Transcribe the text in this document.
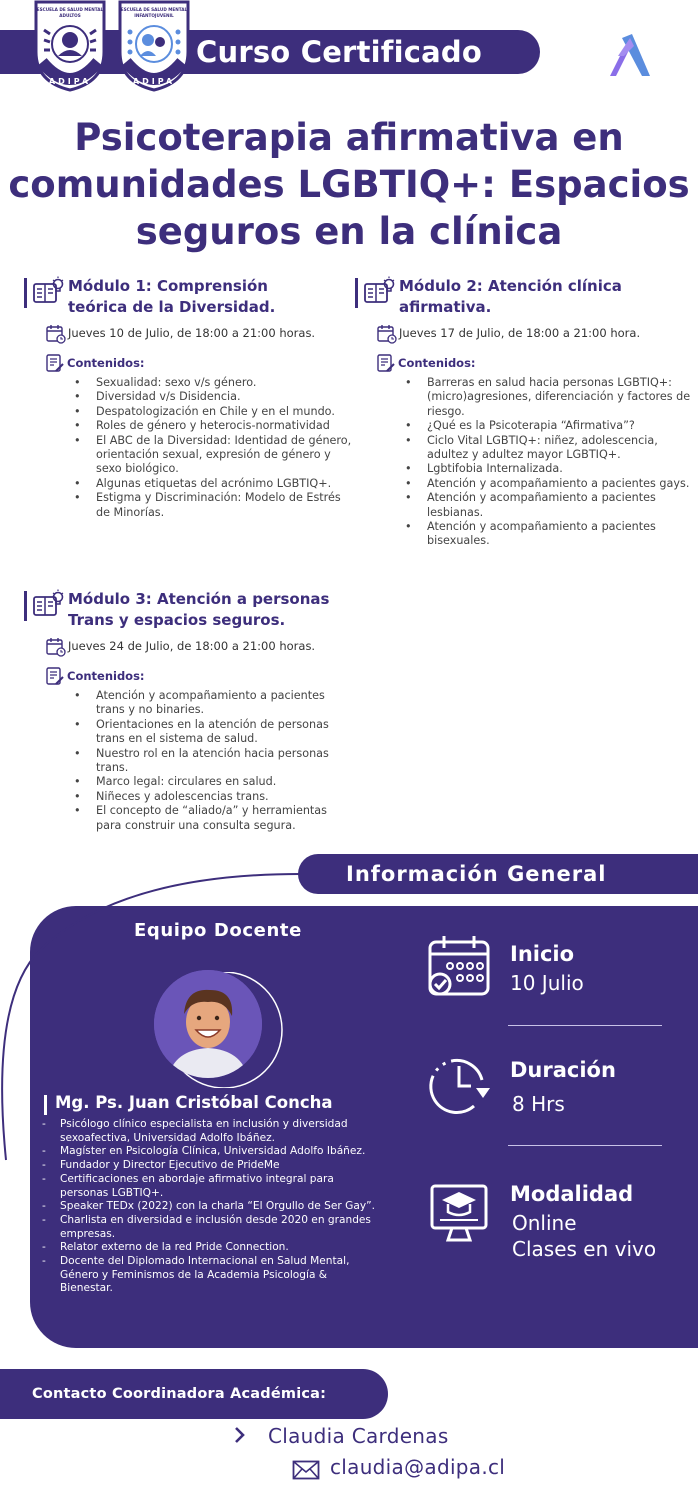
Curso Certificado
ESCUELA DE SALUD MENTAL
ADULTOS
ADIPA
ESCUELA DE SALUD MENTAL
INFANTOJUVENIL
ADIPA
Psicoterapia afirmativa en
comunidades LGBTIQ+: Espacios
seguros en la clínica
Módulo 1: Comprensión
teórica de la Diversidad.
Jueves 10 de Julio, de 18:00 a 21:00 horas.
Contenidos:
• Sexualidad: sexo v/s género.
• Diversidad v/s Disidencia.
• Despatologización en Chile y en el mundo.
• Roles de género y heterocis-normatividad
• El ABC de la Diversidad: Identidad de género, orientación sexual, expresión de género y sexo biológico.
• Algunas etiquetas del acrónimo LGBTIQ+.
• Estigma y Discriminación: Modelo de Estrés de Minorías.
Módulo 2: Atención clínica
afirmativa.
Jueves 17 de Julio, de 18:00 a 21:00 hora.
Contenidos:
• Barreras en salud hacia personas LGBTIQ+: (micro)agresiones, diferenciación y factores de riesgo.
• ¿Qué es la Psicoterapia “Afirmativa”?
• Ciclo Vital LGBTIQ+: niñez, adolescencia, adultez y adultez mayor LGBTIQ+.
• Lgbtifobia Internalizada.
• Atención y acompañamiento a pacientes gays.
• Atención y acompañamiento a pacientes lesbianas.
• Atención y acompañamiento a pacientes bisexuales.
Módulo 3: Atención a personas
Trans y espacios seguros.
Jueves 24 de Julio, de 18:00 a 21:00 horas.
Contenidos:
• Atención y acompañamiento a pacientes trans y no binaries.
• Orientaciones en la atención de personas trans en el sistema de salud.
• Nuestro rol en la atención hacia personas trans.
• Marco legal: circulares en salud.
• Niñeces y adolescencias trans.
• El concepto de “aliado/a” y herramientas para construir una consulta segura.
Información General
Equipo Docente
Mg. Ps. Juan Cristóbal Concha
- Psicólogo clínico especialista en inclusión y diversidad sexoafectiva, Universidad Adolfo Ibáñez.
- Magíster en Psicología Clínica, Universidad Adolfo Ibáñez.
- Fundador y Director Ejecutivo de PrideMe
- Certificaciones en abordaje afirmativo integral para personas LGBTIQ+.
- Speaker TEDx (2022) con la charla “El Orgullo de Ser Gay”.
- Charlista en diversidad e inclusión desde 2020 en grandes empresas.
- Relator externo de la red Pride Connection.
- Docente del Diplomado Internacional en Salud Mental, Género y Feminismos de la Academia Psicología & Bienestar.
Inicio
10 Julio
Duración
8 Hrs
Modalidad
Online
Clases en vivo
Contacto Coordinadora Académica:
Claudia Cardenas
claudia@adipa.cl
